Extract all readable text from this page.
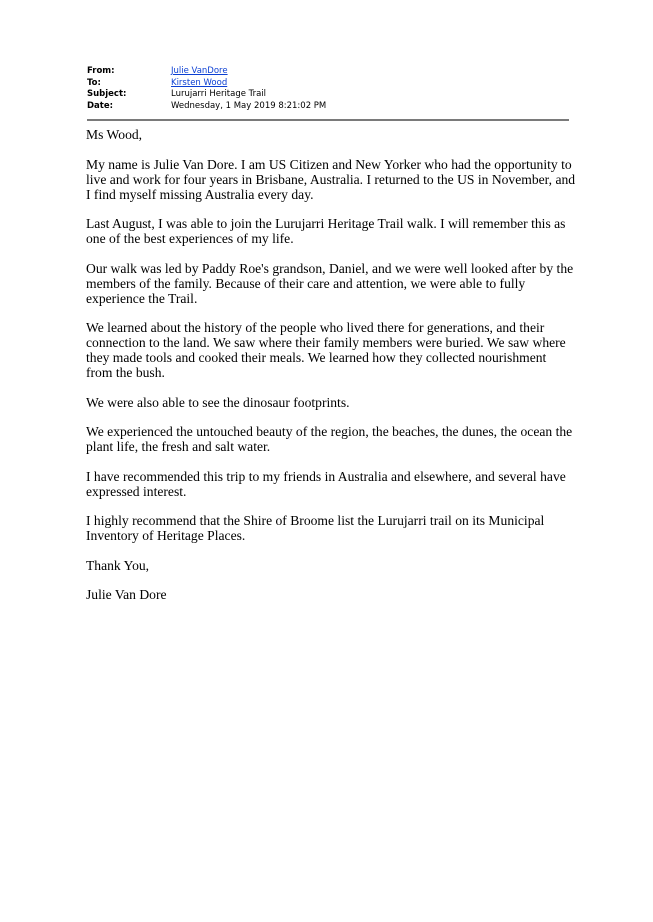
From:	Julie VanDore
To:	Kirsten Wood
Subject:	Lurujarri Heritage Trail
Date:	Wednesday, 1 May 2019 8:21:02 PM

Ms Wood,

My name is Julie Van Dore. I am US Citizen and New Yorker who had the opportunity to live and work for four years in Brisbane, Australia. I returned to the US in November, and I find myself missing Australia every day.

Last August, I was able to join the Lurujarri Heritage Trail walk. I will remember this as one of the best experiences of my life.

Our walk was led by Paddy Roe's grandson, Daniel, and we were well looked after by the members of the family. Because of their care and attention, we were able to fully experience the Trail.

We learned about the history of the people who lived there for generations, and their connection to the land. We saw where their family members were buried. We saw where they made tools and cooked their meals. We learned how they collected nourishment from the bush.

We were also able to see the dinosaur footprints.

We experienced the untouched beauty of the region, the beaches, the dunes, the ocean the plant life, the fresh and salt water.

I have recommended this trip to my friends in Australia and elsewhere, and several have expressed interest.

I highly recommend that the Shire of Broome list the Lurujarri trail on its Municipal Inventory of Heritage Places.

Thank You,

Julie Van Dore
